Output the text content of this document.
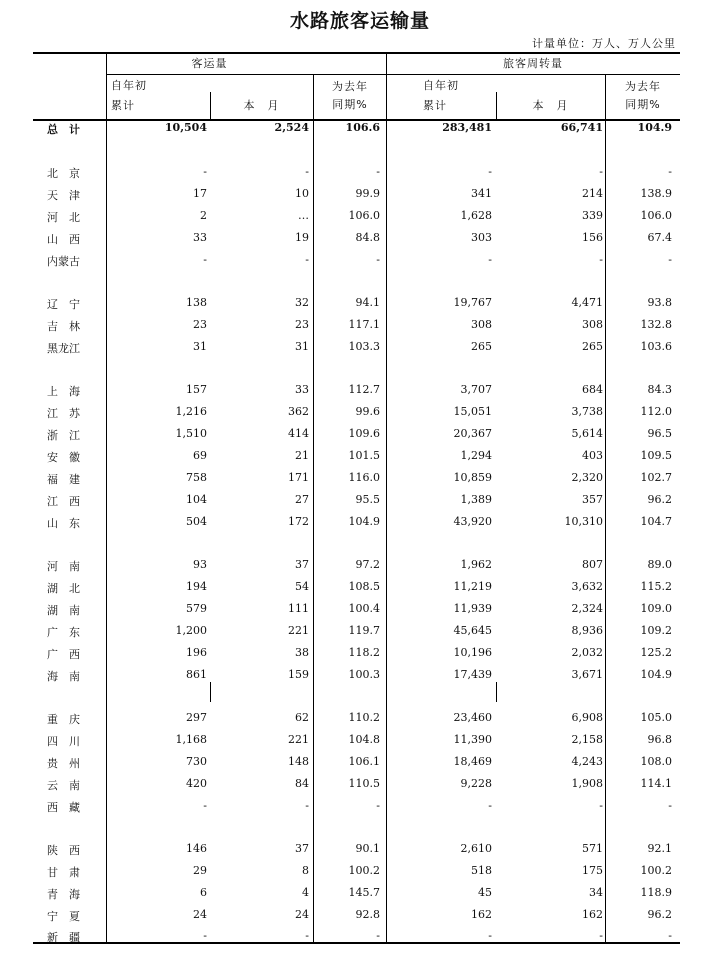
水路旅客运输量
计量单位：万人、万人公里
客运量	旅客周转量
自年初
累计	本　月
为去年
同期%
自年初
累计	本　月
为去年
同期%
总　计	10,504	2,524	106.6	283,481	66,741	104.9
北　京	-	-	-	-	-	-
天　津	17	10	99.9	341	214	138.9
河　北	2	…	106.0	1,628	339	106.0
山　西	33	19	84.8	303	156	67.4
内蒙古	-	-	-	-	-	-
辽　宁	138	32	94.1	19,767	4,471	93.8
吉　林	23	23	117.1	308	308	132.8
黑龙江	31	31	103.3	265	265	103.6
上　海	157	33	112.7	3,707	684	84.3
江　苏	1,216	362	99.6	15,051	3,738	112.0
浙　江	1,510	414	109.6	20,367	5,614	96.5
安　徽	69	21	101.5	1,294	403	109.5
福　建	758	171	116.0	10,859	2,320	102.7
江　西	104	27	95.5	1,389	357	96.2
山　东	504	172	104.9	43,920	10,310	104.7
河　南	93	37	97.2	1,962	807	89.0
湖　北	194	54	108.5	11,219	3,632	115.2
湖　南	579	111	100.4	11,939	2,324	109.0
广　东	1,200	221	119.7	45,645	8,936	109.2
广　西	196	38	118.2	10,196	2,032	125.2
海　南	861	159	100.3	17,439	3,671	104.9
重　庆	297	62	110.2	23,460	6,908	105.0
四　川	1,168	221	104.8	11,390	2,158	96.8
贵　州	730	148	106.1	18,469	4,243	108.0
云　南	420	84	110.5	9,228	1,908	114.1
西　藏	-	-	-	-	-	-
陕　西	146	37	90.1	2,610	571	92.1
甘　肃	29	8	100.2	518	175	100.2
青　海	6	4	145.7	45	34	118.9
宁　夏	24	24	92.8	162	162	96.2
新　疆	-	-	-	-	-	-
